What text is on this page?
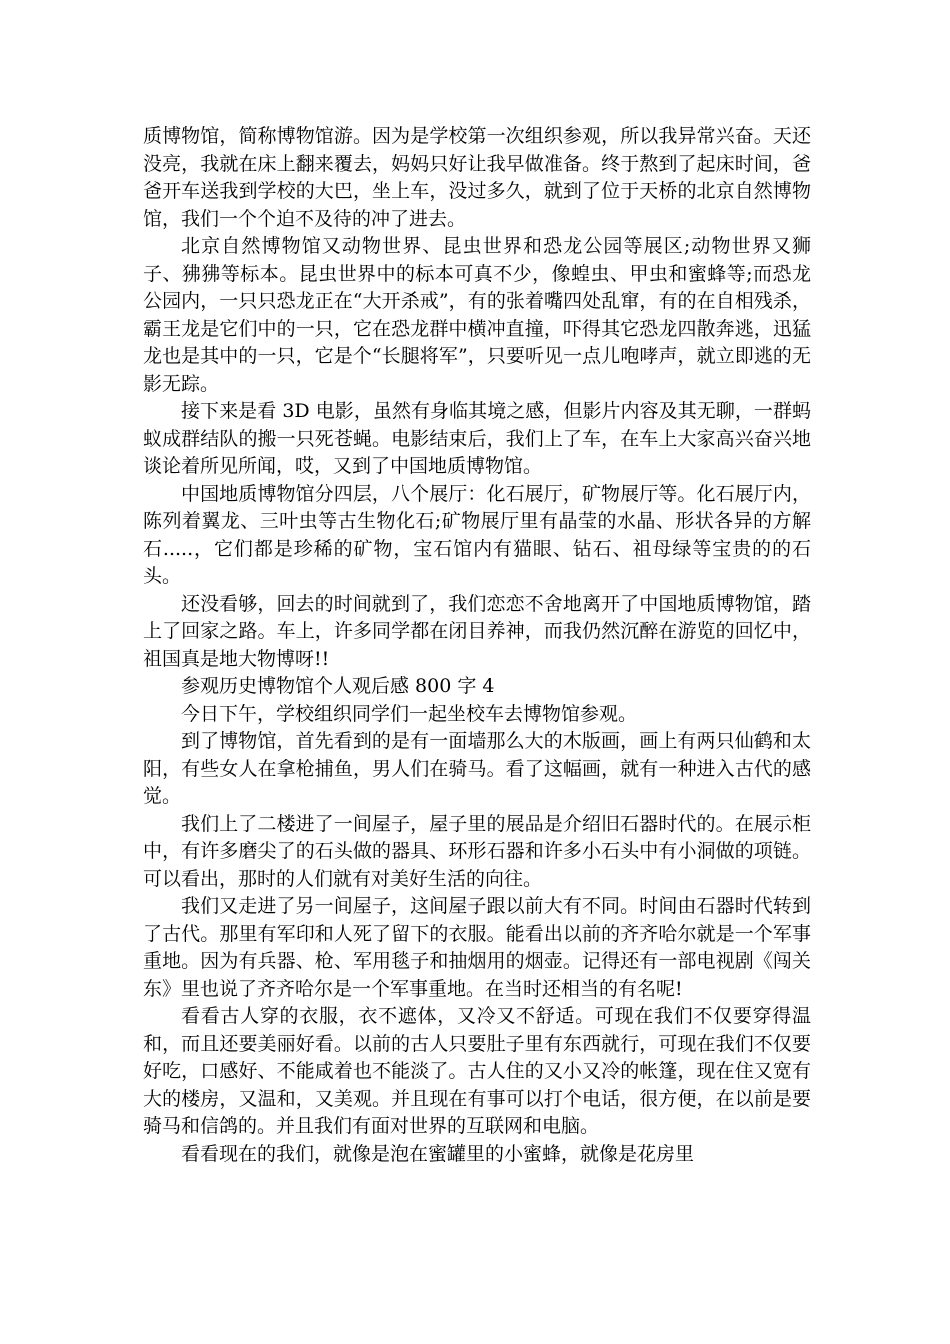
质博物馆，简称博物馆游。因为是学校第一次组织参观，所以我异常兴奋。天还没亮，我就在床上翻来覆去，妈妈只好让我早做准备。终于熬到了起床时间，爸爸开车送我到学校的大巴，坐上车，没过多久，就到了位于天桥的北京自然博物馆，我们一个个迫不及待的冲了进去。

北京自然博物馆又动物世界、昆虫世界和恐龙公园等展区;动物世界又狮子、狒狒等标本。昆虫世界中的标本可真不少，像蝗虫、甲虫和蜜蜂等;而恐龙公园内，一只只恐龙正在“大开杀戒”，有的张着嘴四处乱窜，有的在自相残杀，霸王龙是它们中的一只，它在恐龙群中横冲直撞，吓得其它恐龙四散奔逃，迅猛龙也是其中的一只，它是个“长腿将军”，只要听见一点儿咆哮声，就立即逃的无影无踪。

接下来是看 3D 电影，虽然有身临其境之感，但影片内容及其无聊，一群蚂蚁成群结队的搬一只死苍蝇。电影结束后，我们上了车，在车上大家高兴奋兴地谈论着所见所闻，哎，又到了中国地质博物馆。

中国地质博物馆分四层，八个展厅：化石展厅，矿物展厅等。化石展厅内，陈列着翼龙、三叶虫等古生物化石;矿物展厅里有晶莹的水晶、形状各异的方解石.....，它们都是珍稀的矿物，宝石馆内有猫眼、钻石、祖母绿等宝贵的的石头。

还没看够，回去的时间就到了，我们恋恋不舍地离开了中国地质博物馆，踏上了回家之路。车上，许多同学都在闭目养神，而我仍然沉醉在游览的回忆中，祖国真是地大物博呀!!

参观历史博物馆个人观后感 800 字 4

今日下午，学校组织同学们一起坐校车去博物馆参观。

到了博物馆，首先看到的是有一面墙那么大的木版画，画上有两只仙鹤和太阳，有些女人在拿枪捕鱼，男人们在骑马。看了这幅画，就有一种进入古代的感觉。

我们上了二楼进了一间屋子，屋子里的展品是介绍旧石器时代的。在展示柜中，有许多磨尖了的石头做的器具、环形石器和许多小石头中有小洞做的项链。可以看出，那时的人们就有对美好生活的向往。

我们又走进了另一间屋子，这间屋子跟以前大有不同。时间由石器时代转到了古代。那里有军印和人死了留下的衣服。能看出以前的齐齐哈尔就是一个军事重地。因为有兵器、枪、军用毯子和抽烟用的烟壶。记得还有一部电视剧《闯关东》里也说了齐齐哈尔是一个军事重地。在当时还相当的有名呢!

看看古人穿的衣服，衣不遮体，又冷又不舒适。可现在我们不仅要穿得温和，而且还要美丽好看。以前的古人只要肚子里有东西就行，可现在我们不仅要好吃，口感好、不能咸着也不能淡了。古人住的又小又冷的帐篷，现在住又宽有大的楼房，又温和，又美观。并且现在有事可以打个电话，很方便，在以前是要骑马和信鸽的。并且我们有面对世界的互联网和电脑。

看看现在的我们，就像是泡在蜜罐里的小蜜蜂，就像是花房里
